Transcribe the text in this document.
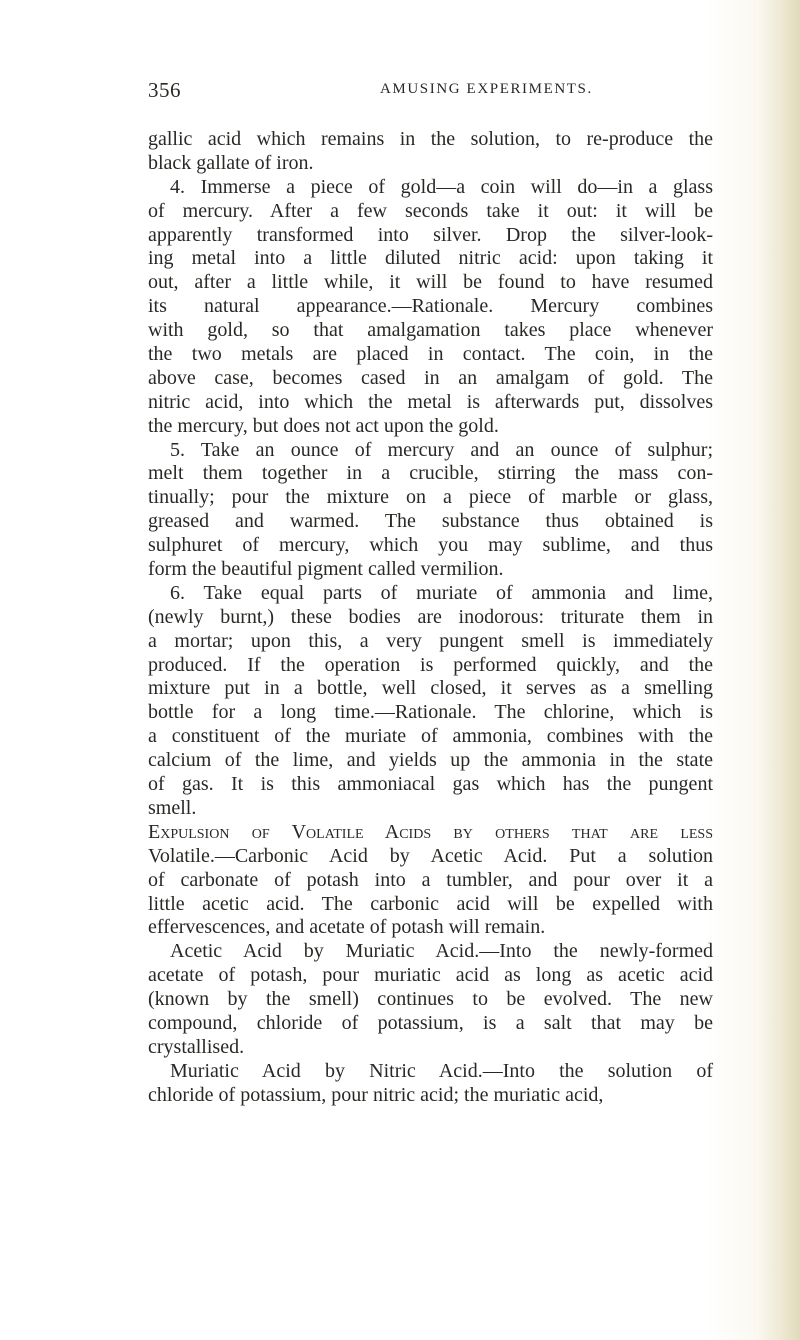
356	AMUSING EXPERIMENTS.
gallic acid which remains in the solution, to re-produce the
black gallate of iron.
4. Immerse a piece of gold—a coin will do—in a glass
of mercury. After a few seconds take it out: it will be
apparently transformed into silver. Drop the silver-look-
ing metal into a little diluted nitric acid: upon taking it
out, after a little while, it will be found to have resumed
its natural appearance.—Rationale. Mercury combines
with gold, so that amalgamation takes place whenever
the two metals are placed in contact. The coin, in the
above case, becomes cased in an amalgam of gold. The
nitric acid, into which the metal is afterwards put, dissolves
the mercury, but does not act upon the gold.
5. Take an ounce of mercury and an ounce of sulphur;
melt them together in a crucible, stirring the mass con-
tinually; pour the mixture on a piece of marble or glass,
greased and warmed. The substance thus obtained is
sulphuret of mercury, which you may sublime, and thus
form the beautiful pigment called vermilion.
6. Take equal parts of muriate of ammonia and lime,
(newly burnt,) these bodies are inodorous: triturate them in
a mortar; upon this, a very pungent smell is immediately
produced. If the operation is performed quickly, and the
mixture put in a bottle, well closed, it serves as a smelling
bottle for a long time.—Rationale. The chlorine, which is
a constituent of the muriate of ammonia, combines with the
calcium of the lime, and yields up the ammonia in the state
of gas. It is this ammoniacal gas which has the pungent
smell.
Expulsion of Volatile Acids by others that are less
Volatile.—Carbonic Acid by Acetic Acid. Put a solution
of carbonate of potash into a tumbler, and pour over it a
little acetic acid. The carbonic acid will be expelled with
effervescences, and acetate of potash will remain.
Acetic Acid by Muriatic Acid.—Into the newly-formed
acetate of potash, pour muriatic acid as long as acetic acid
(known by the smell) continues to be evolved. The new
compound, chloride of potassium, is a salt that may be
crystallised.
Muriatic Acid by Nitric Acid.—Into the solution of
chloride of potassium, pour nitric acid; the muriatic acid,
